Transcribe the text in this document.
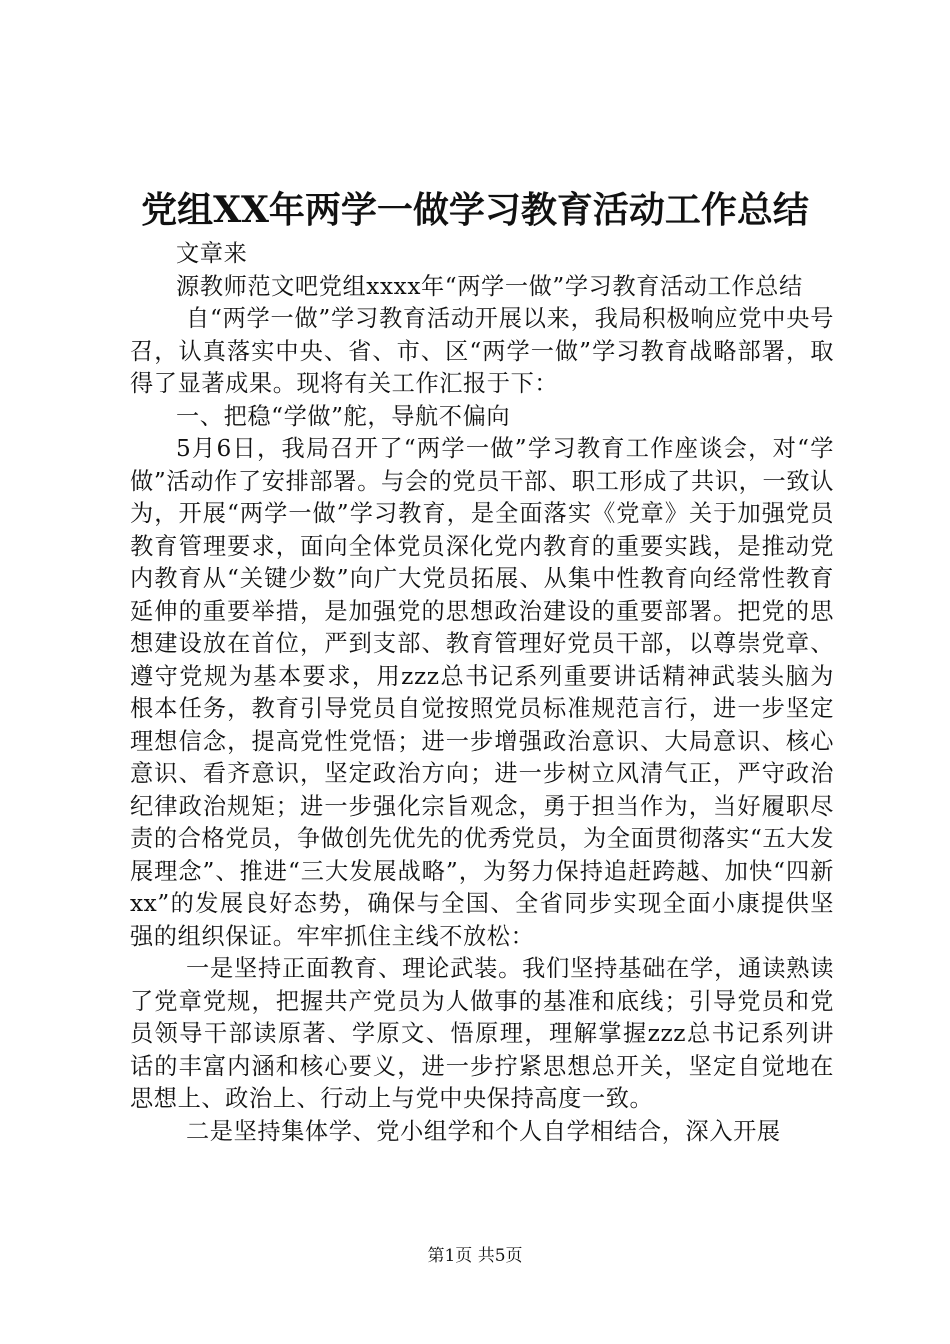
党组XX年两学一做学习教育活动工作总结

文章来

源教师范文吧党组xxxx年“两学一做”学习教育活动工作总结

自“两学一做”学习教育活动开展以来，我局积极响应党中央号召，认真落实中央、省、市、区“两学一做”学习教育战略部署，取得了显著成果。现将有关工作汇报于下：

一、把稳“学做”舵，导航不偏向

5月6日，我局召开了“两学一做”学习教育工作座谈会，对“学做”活动作了安排部署。与会的党员干部、职工形成了共识，一致认为，开展“两学一做”学习教育，是全面落实《党章》关于加强党员教育管理要求，面向全体党员深化党内教育的重要实践，是推动党内教育从“关键少数”向广大党员拓展、从集中性教育向经常性教育延伸的重要举措，是加强党的思想政治建设的重要部署。把党的思想建设放在首位，严到支部、教育管理好党员干部，以尊崇党章、遵守党规为基本要求，用zzz总书记系列重要讲话精神武装头脑为根本任务，教育引导党员自觉按照党员标准规范言行，进一步坚定理想信念，提高党性党悟；进一步增强政治意识、大局意识、核心意识、看齐意识，坚定政治方向；进一步树立风清气正，严守政治纪律政治规矩；进一步强化宗旨观念，勇于担当作为，当好履职尽责的合格党员，争做创先优先的优秀党员，为全面贯彻落实“五大发展理念”、推进“三大发展战略”，为努力保持追赶跨越、加快“四新xx”的发展良好态势，确保与全国、全省同步实现全面小康提供坚强的组织保证。牢牢抓住主线不放松：

一是坚持正面教育、理论武装。我们坚持基础在学，通读熟读了党章党规，把握共产党员为人做事的基准和底线；引导党员和党员领导干部读原著、学原文、悟原理，理解掌握zzz总书记系列讲话的丰富内涵和核心要义，进一步拧紧思想总开关，坚定自觉地在思想上、政治上、行动上与党中央保持高度一致。

二是坚持集体学、党小组学和个人自学相结合，深入开展

第1页 共5页
